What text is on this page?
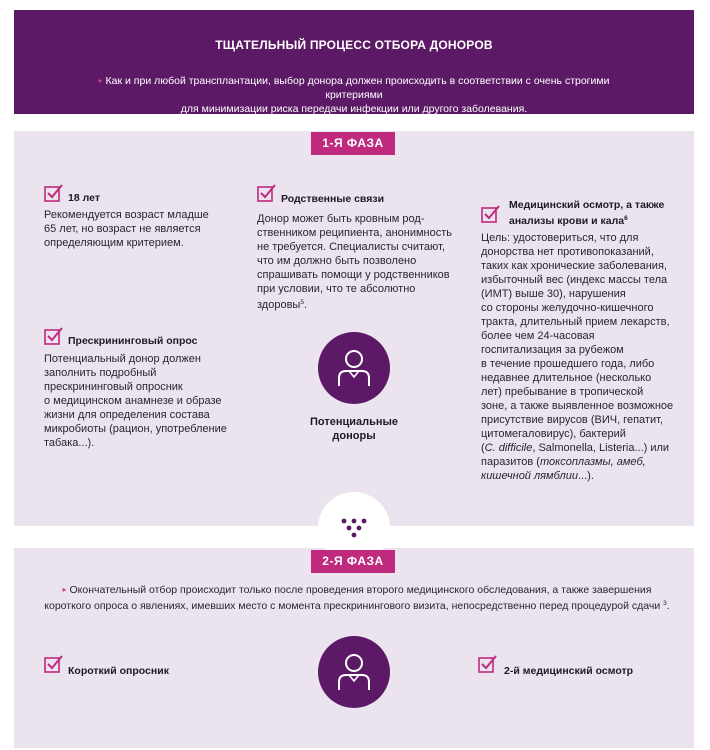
ТЩАТЕЛЬНЫЙ ПРОЦЕСС ОТБОРА ДОНОРОВ
▸ Как и при любой трансплантации, выбор донора должен происходить в соответствии с очень строгими критериями
для минимизации риска передачи инфекции или другого заболевания.
1-Я ФАЗА
18 лет
Рекомендуется возраст младше
65 лет, но возраст не является
определяющим критерием.
Родственные связи
Донор может быть кровным род-
ственником реципиента, анонимность
не требуется. Специалисты считают,
что им должно быть позволено
спрашивать помощи у родственников
при условии, что те абсолютно
здоровы$^5$.
Медицинский осмотр, а также
анализы крови и кала$^6$
Цель: удостовериться, что для
донорства нет противопоказаний,
таких как хронические заболевания,
избыточный вес (индекс массы тела
(ИМТ) выше 30), нарушения
со стороны желудочно-кишечного
тракта, длительный прием лекарств,
более чем 24-часовая
госпитализация за рубежом
в течение прошедшего года, либо
недавнее длительное (несколько
лет) пребывание в тропической
зоне, а также выявленное возможное
присутствие вирусов (ВИЧ, гепатит,
цитомегаловирус), бактерий
(C. difficile, Salmonella, Listeria...) или
паразитов (токсоплазмы, амеб,
кишечной лямблии...).
Прескрининговый опрос
Потенциальный донор должен
заполнить подробный
прескрининговый опросник
о медицинском анамнезе и образе
жизни для определения состава
микробиоты (рацион, употребление
табака...).
Потенциальные
доноры
2-Я ФАЗА
▸ Окончательный отбор происходит только после проведения второго медицинского обследования, а также завершения
короткого опроса о явлениях, имевших место с момента прескринингового визита, непосредственно перед процедурой сдачи $^3$.
Короткий опросник	2-й медицинский осмотр
